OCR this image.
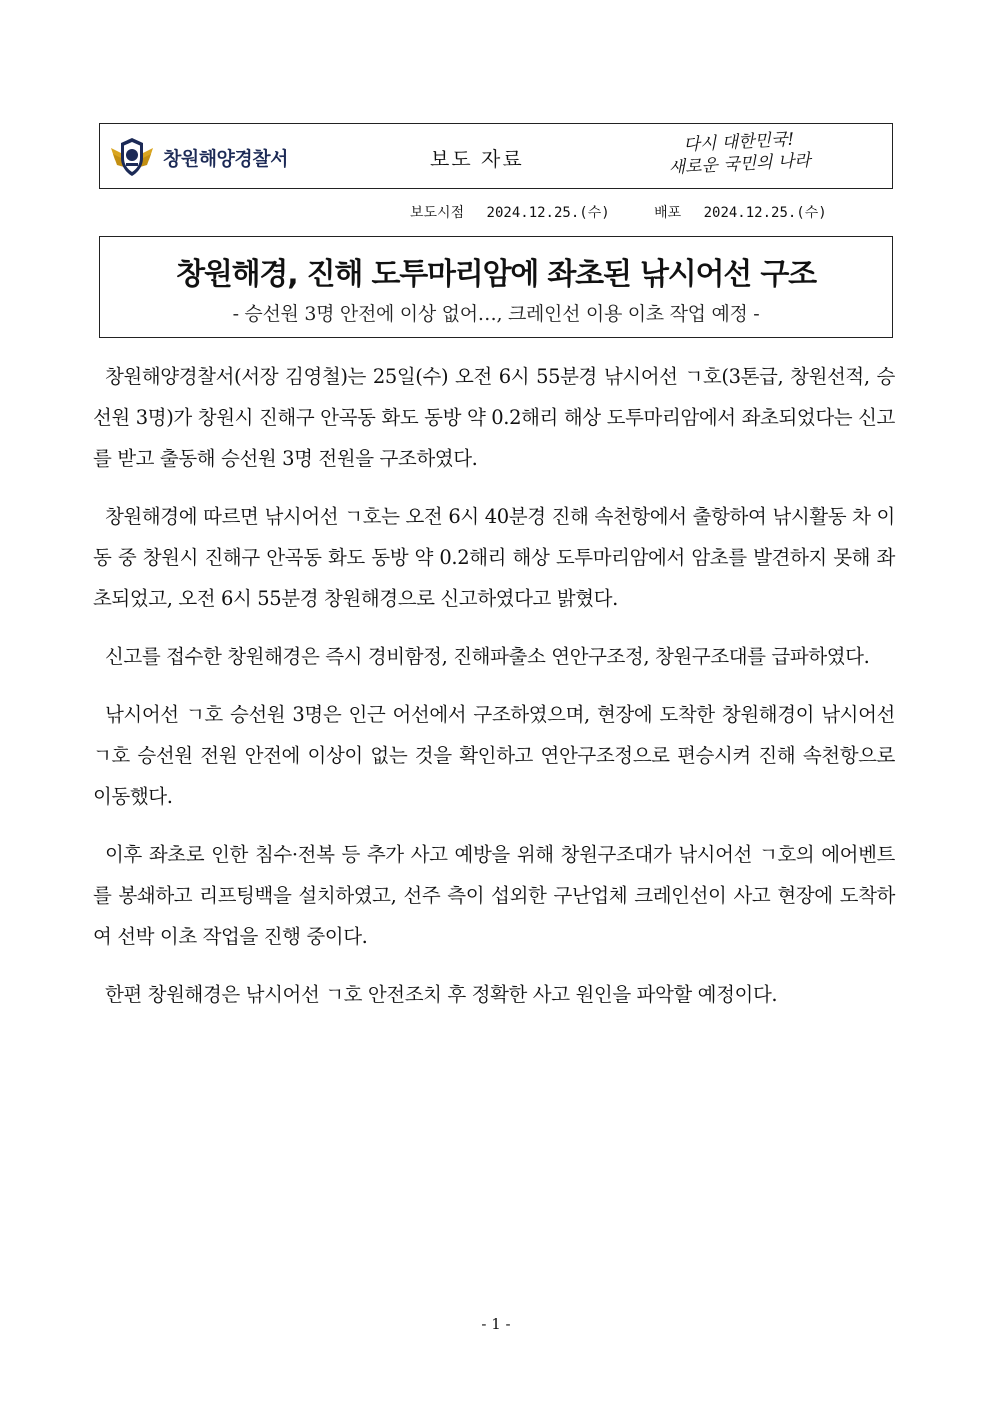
창원해양경찰서	보도 자료
다시 대한민국!
새로운 국민의 나라
보도시점 2024.12.25.(수)	배포 2024.12.25.(수)
창원해경, 진해 도투마리암에 좌초된 낚시어선 구조
- 승선원 3명 안전에 이상 없어…, 크레인선 이용 이초 작업 예정 -

창원해양경찰서(서장 김영철)는 25일(수) 오전 6시 55분경 낚시어선 ㄱ호(3톤급, 창원선적, 승선원 3명)가 창원시 진해구 안곡동 화도 동방 약 0.2해리 해상 도투마리암에서 좌초되었다는 신고를 받고 출동해 승선원 3명 전원을 구조하였다.

창원해경에 따르면 낚시어선 ㄱ호는 오전 6시 40분경 진해 속천항에서 출항하여 낚시활동 차 이동 중 창원시 진해구 안곡동 화도 동방 약 0.2해리 해상 도투마리암에서 암초를 발견하지 못해 좌초되었고, 오전 6시 55분경 창원해경으로 신고하였다고 밝혔다.

신고를 접수한 창원해경은 즉시 경비함정, 진해파출소 연안구조정, 창원구조대를 급파하였다.

낚시어선 ㄱ호 승선원 3명은 인근 어선에서 구조하였으며, 현장에 도착한 창원해경이 낚시어선 ㄱ호 승선원 전원 안전에 이상이 없는 것을 확인하고 연안구조정으로 편승시켜 진해 속천항으로 이동했다.

이후 좌초로 인한 침수·전복 등 추가 사고 예방을 위해 창원구조대가 낚시어선 ㄱ호의 에어벤트를 봉쇄하고 리프팅백을 설치하였고, 선주 측이 섭외한 구난업체 크레인선이 사고 현장에 도착하여 선박 이초 작업을 진행 중이다.

한편 창원해경은 낚시어선 ㄱ호 안전조치 후 정확한 사고 원인을 파악할 예정이다.

- 1 -
